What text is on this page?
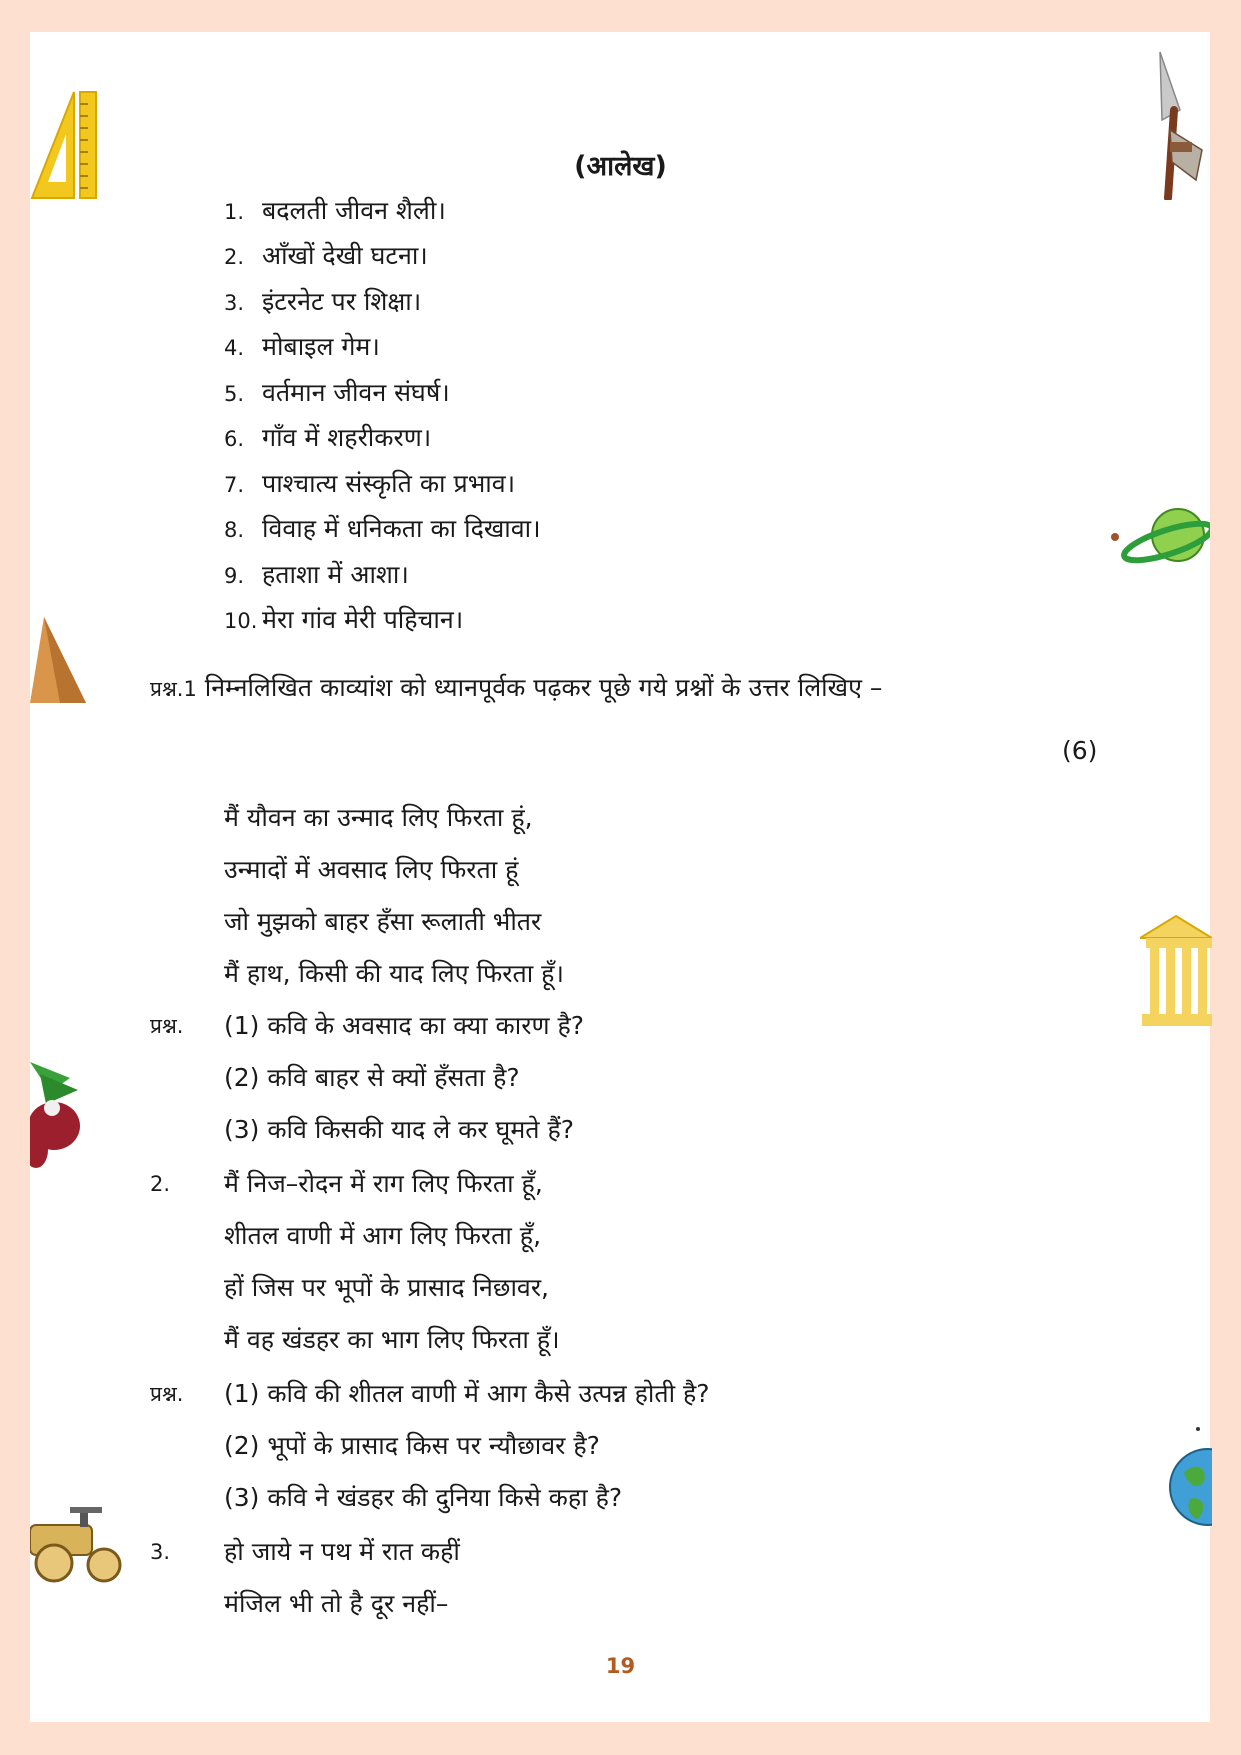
(आलेख)
1. बदलती जीवन शैली।
2. आँखों देखी घटना।
3. इंटरनेट पर शिक्षा।
4. मोबाइल गेम।
5. वर्तमान जीवन संघर्ष।
6. गाँव में शहरीकरण।
7. पाश्चात्य संस्कृति का प्रभाव।
8. विवाह में धनिकता का दिखावा।
9. हताशा में आशा।
10. मेरा गांव मेरी पहिचान।
प्रश्न.1 निम्नलिखित काव्यांश को ध्यानपूर्वक पढ़कर पूछे गये प्रश्नों के उत्तर लिखिए –
(6)
मैं यौवन का उन्माद लिए फिरता हूं,
उन्मादों में अवसाद लिए फिरता हूं
जो मुझको बाहर हँसा रूलाती भीतर
मैं हाथ, किसी की याद लिए फिरता हूँ।
प्रश्न. (1) कवि के अवसाद का क्या कारण है?
(2) कवि बाहर से क्यों हँसता है?
(3) कवि किसकी याद ले कर घूमते हैं?
2. मैं निज–रोदन में राग लिए फिरता हूँ,
शीतल वाणी में आग लिए फिरता हूँ,
हों जिस पर भूपों के प्रासाद निछावर,
मैं वह खंडहर का भाग लिए फिरता हूँ।
प्रश्न. (1) कवि की शीतल वाणी में आग कैसे उत्पन्न होती है?
(2) भूपों के प्रासाद किस पर न्यौछावर है?
(3) कवि ने खंडहर की दुनिया किसे कहा है?
3. हो जाये न पथ में रात कहीं
मंजिल भी तो है दूर नहीं–
19
